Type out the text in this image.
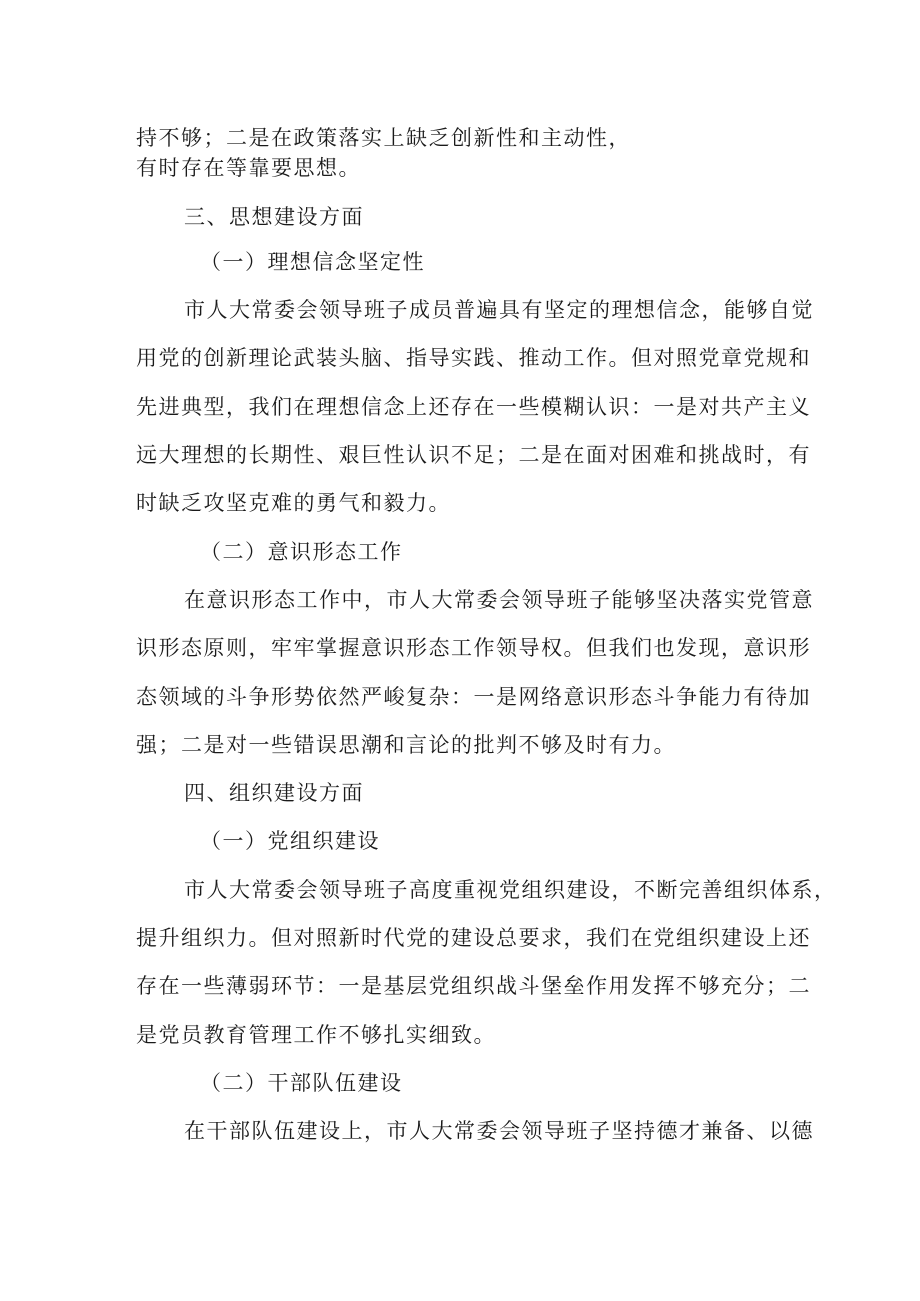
持不够；二是在政策落实上缺乏创新性和主动性，
有时存在等靠要思想。
三、思想建设方面
（一）理想信念坚定性
市人大常委会领导班子成员普遍具有坚定的理想信念，能够自觉
用党的创新理论武装头脑、指导实践、推动工作。但对照党章党规和
先进典型，我们在理想信念上还存在一些模糊认识：一是对共产主义
远大理想的长期性、艰巨性认识不足；二是在面对困难和挑战时，有
时缺乏攻坚克难的勇气和毅力。
（二）意识形态工作
在意识形态工作中，市人大常委会领导班子能够坚决落实党管意
识形态原则，牢牢掌握意识形态工作领导权。但我们也发现，意识形
态领域的斗争形势依然严峻复杂：一是网络意识形态斗争能力有待加
强；二是对一些错误思潮和言论的批判不够及时有力。
四、组织建设方面
（一）党组织建设
市人大常委会领导班子高度重视党组织建设，不断完善组织体系，
提升组织力。但对照新时代党的建设总要求，我们在党组织建设上还
存在一些薄弱环节：一是基层党组织战斗堡垒作用发挥不够充分；二
是党员教育管理工作不够扎实细致。
（二）干部队伍建设
在干部队伍建设上，市人大常委会领导班子坚持德才兼备、以德
